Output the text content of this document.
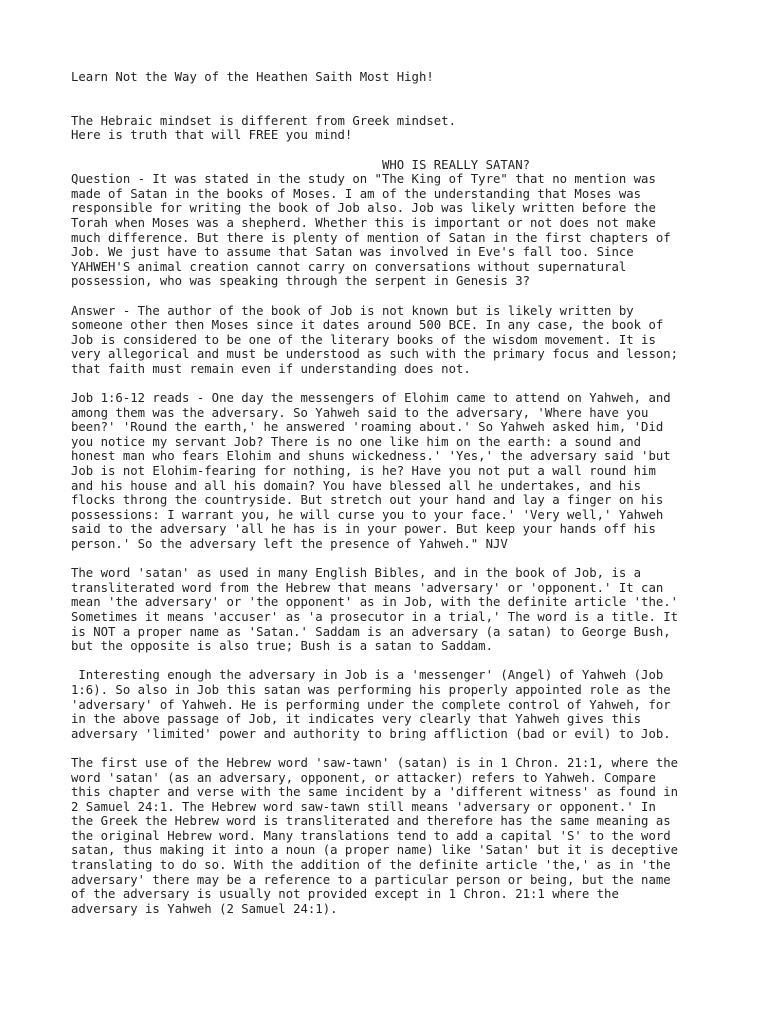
Learn Not the Way of the Heathen Saith Most High!
The Hebraic mindset is different from Greek mindset.
Here is truth that will FREE you mind!
WHO IS REALLY SATAN?
Question - It was stated in the study on "The King of Tyre" that no mention was
made of Satan in the books of Moses. I am of the understanding that Moses was
responsible for writing the book of Job also. Job was likely written before the
Torah when Moses was a shepherd. Whether this is important or not does not make
much difference. But there is plenty of mention of Satan in the first chapters of
Job. We just have to assume that Satan was involved in Eve's fall too. Since
YAHWEH'S animal creation cannot carry on conversations without supernatural
possession, who was speaking through the serpent in Genesis 3?
Answer - The author of the book of Job is not known but is likely written by
someone other then Moses since it dates around 500 BCE. In any case, the book of
Job is considered to be one of the literary books of the wisdom movement. It is
very allegorical and must be understood as such with the primary focus and lesson;
that faith must remain even if understanding does not.
Job 1:6-12 reads - One day the messengers of Elohim came to attend on Yahweh, and
among them was the adversary. So Yahweh said to the adversary, 'Where have you
been?' 'Round the earth,' he answered 'roaming about.' So Yahweh asked him, 'Did
you notice my servant Job? There is no one like him on the earth: a sound and
honest man who fears Elohim and shuns wickedness.' 'Yes,' the adversary said 'but
Job is not Elohim-fearing for nothing, is he? Have you not put a wall round him
and his house and all his domain? You have blessed all he undertakes, and his
flocks throng the countryside. But stretch out your hand and lay a finger on his
possessions: I warrant you, he will curse you to your face.' 'Very well,' Yahweh
said to the adversary 'all he has is in your power. But keep your hands off his
person.' So the adversary left the presence of Yahweh." NJV
The word 'satan' as used in many English Bibles, and in the book of Job, is a
transliterated word from the Hebrew that means 'adversary' or 'opponent.' It can
mean 'the adversary' or 'the opponent' as in Job, with the definite article 'the.'
Sometimes it means 'accuser' as 'a prosecutor in a trial,' The word is a title. It
is NOT a proper name as 'Satan.' Saddam is an adversary (a satan) to George Bush,
but the opposite is also true; Bush is a satan to Saddam.
Interesting enough the adversary in Job is a 'messenger' (Angel) of Yahweh (Job
1:6). So also in Job this satan was performing his properly appointed role as the
'adversary' of Yahweh. He is performing under the complete control of Yahweh, for
in the above passage of Job, it indicates very clearly that Yahweh gives this
adversary 'limited' power and authority to bring affliction (bad or evil) to Job.
The first use of the Hebrew word 'saw-tawn' (satan) is in 1 Chron. 21:1, where the
word 'satan' (as an adversary, opponent, or attacker) refers to Yahweh. Compare
this chapter and verse with the same incident by a 'different witness' as found in
2 Samuel 24:1. The Hebrew word saw-tawn still means 'adversary or opponent.' In
the Greek the Hebrew word is transliterated and therefore has the same meaning as
the original Hebrew word. Many translations tend to add a capital 'S' to the word
satan, thus making it into a noun (a proper name) like 'Satan' but it is deceptive
translating to do so. With the addition of the definite article 'the,' as in 'the
adversary' there may be a reference to a particular person or being, but the name
of the adversary is usually not provided except in 1 Chron. 21:1 where the
adversary is Yahweh (2 Samuel 24:1).
